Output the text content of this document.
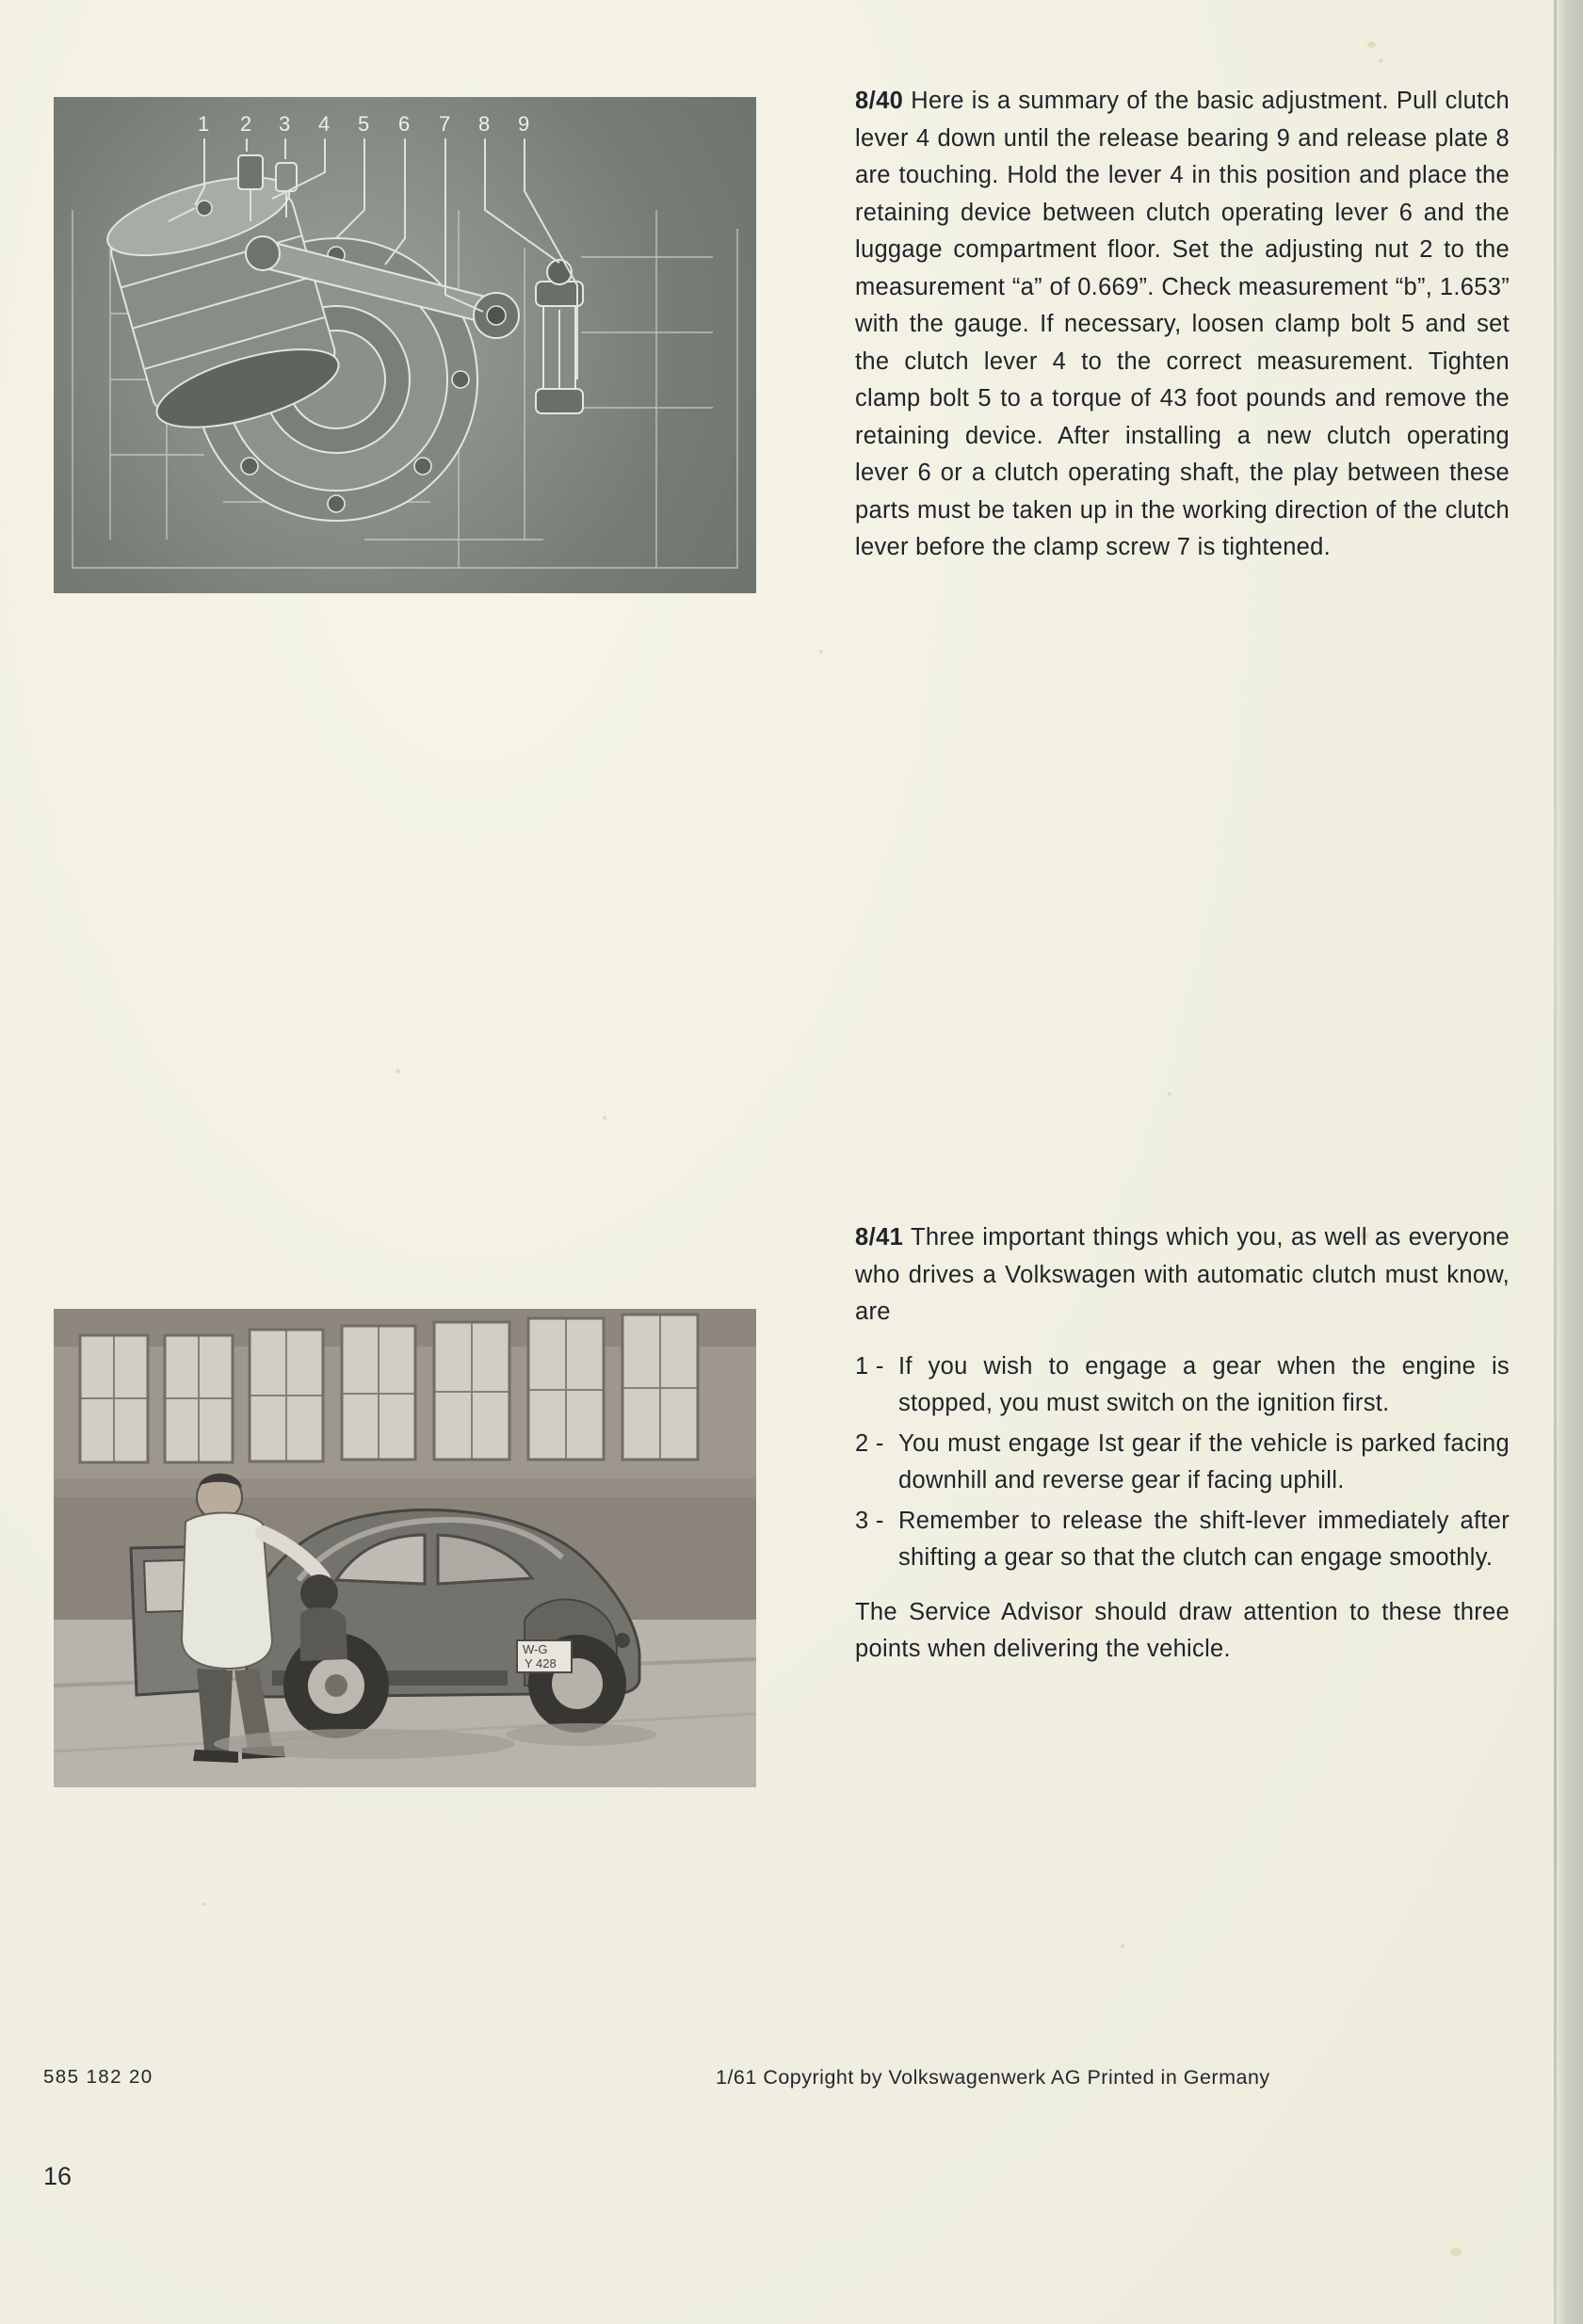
1 2 3 4 5 6 7 8 9
W-G
Y 428
8/40 Here is a summary of the basic adjustment. Pull clutch lever 4 down until the release bearing 9 and release plate 8 are touching. Hold the lever 4 in this position and place the retaining device between clutch operating lever 6 and the luggage compartment floor. Set the adjusting nut 2 to the measurement “a” of 0.669”. Check measurement “b”, 1.653” with the gauge. If necessary, loosen clamp bolt 5 and set the clutch lever 4 to the correct measurement. Tighten clamp bolt 5 to a torque of 43 foot pounds and remove the retaining device. After installing a new clutch operating lever 6 or a clutch operating shaft, the play between these parts must be taken up in the working direction of the clutch lever before the clamp screw 7 is tightened.
8/41 Three important things which you, as well as everyone who drives a Volkswagen with automatic clutch must know, are
1 - If you wish to engage a gear when the engine is stopped, you must switch on the ignition first.
2 - You must engage Ist gear if the vehicle is parked facing downhill and reverse gear if facing uphill.
3 - Remember to release the shift-lever immediately after shifting a gear so that the clutch can engage smoothly.
The Service Advisor should draw attention to these three points when delivering the vehicle.
585 182 20	1/61 Copyright by Volkswagenwerk AG Printed in Germany
16
